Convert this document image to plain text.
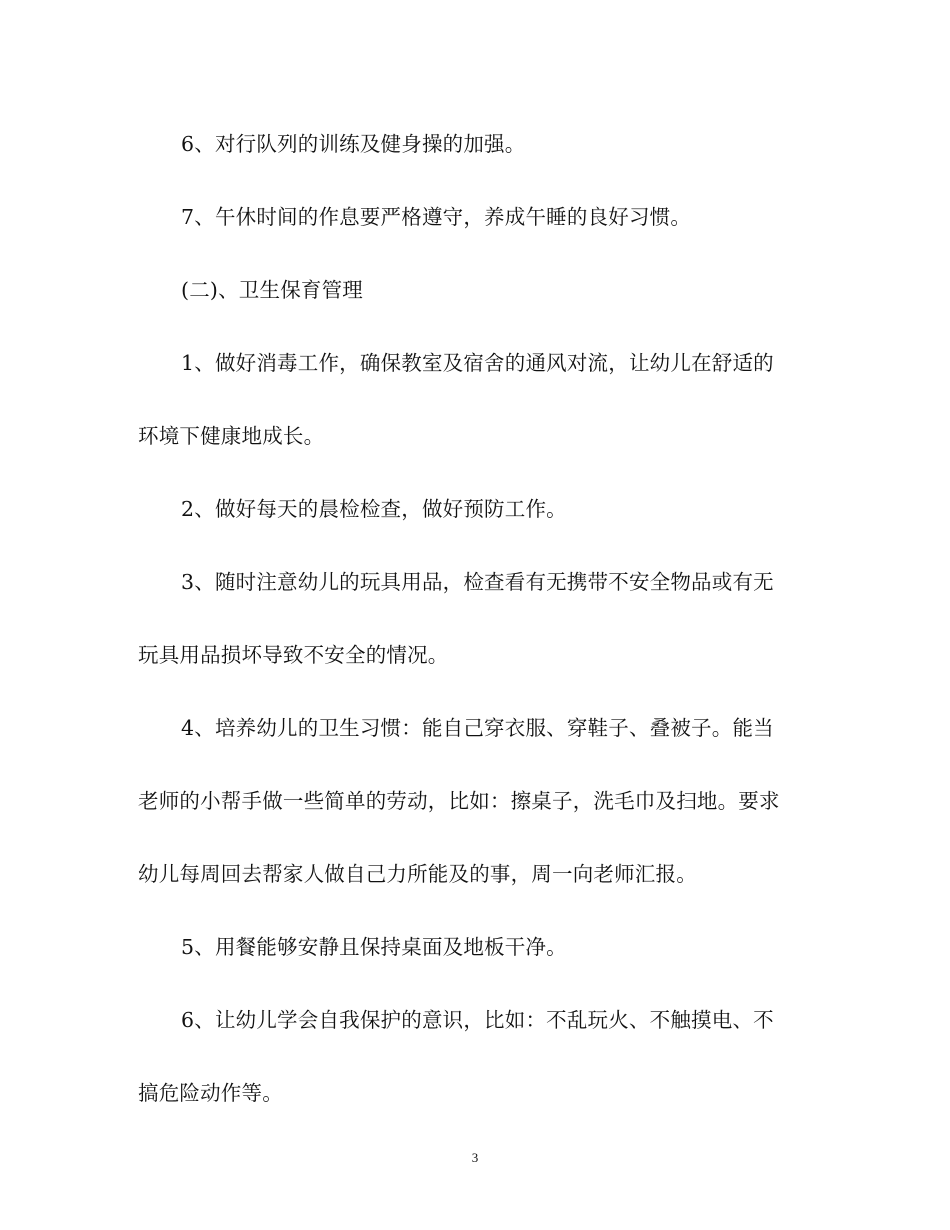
6、对行队列的训练及健身操的加强。
7、午休时间的作息要严格遵守，养成午睡的良好习惯。
(二)、卫生保育管理
1、做好消毒工作，确保教室及宿舍的通风对流，让幼儿在舒适的
环境下健康地成长。
2、做好每天的晨检检查，做好预防工作。
3、随时注意幼儿的玩具用品，检查看有无携带不安全物品或有无
玩具用品损坏导致不安全的情况。
4、培养幼儿的卫生习惯：能自己穿衣服、穿鞋子、叠被子。能当
老师的小帮手做一些简单的劳动，比如：擦桌子，洗毛巾及扫地。要求
幼儿每周回去帮家人做自己力所能及的事，周一向老师汇报。
5、用餐能够安静且保持桌面及地板干净。
6、让幼儿学会自我保护的意识，比如：不乱玩火、不触摸电、不
搞危险动作等。
3
